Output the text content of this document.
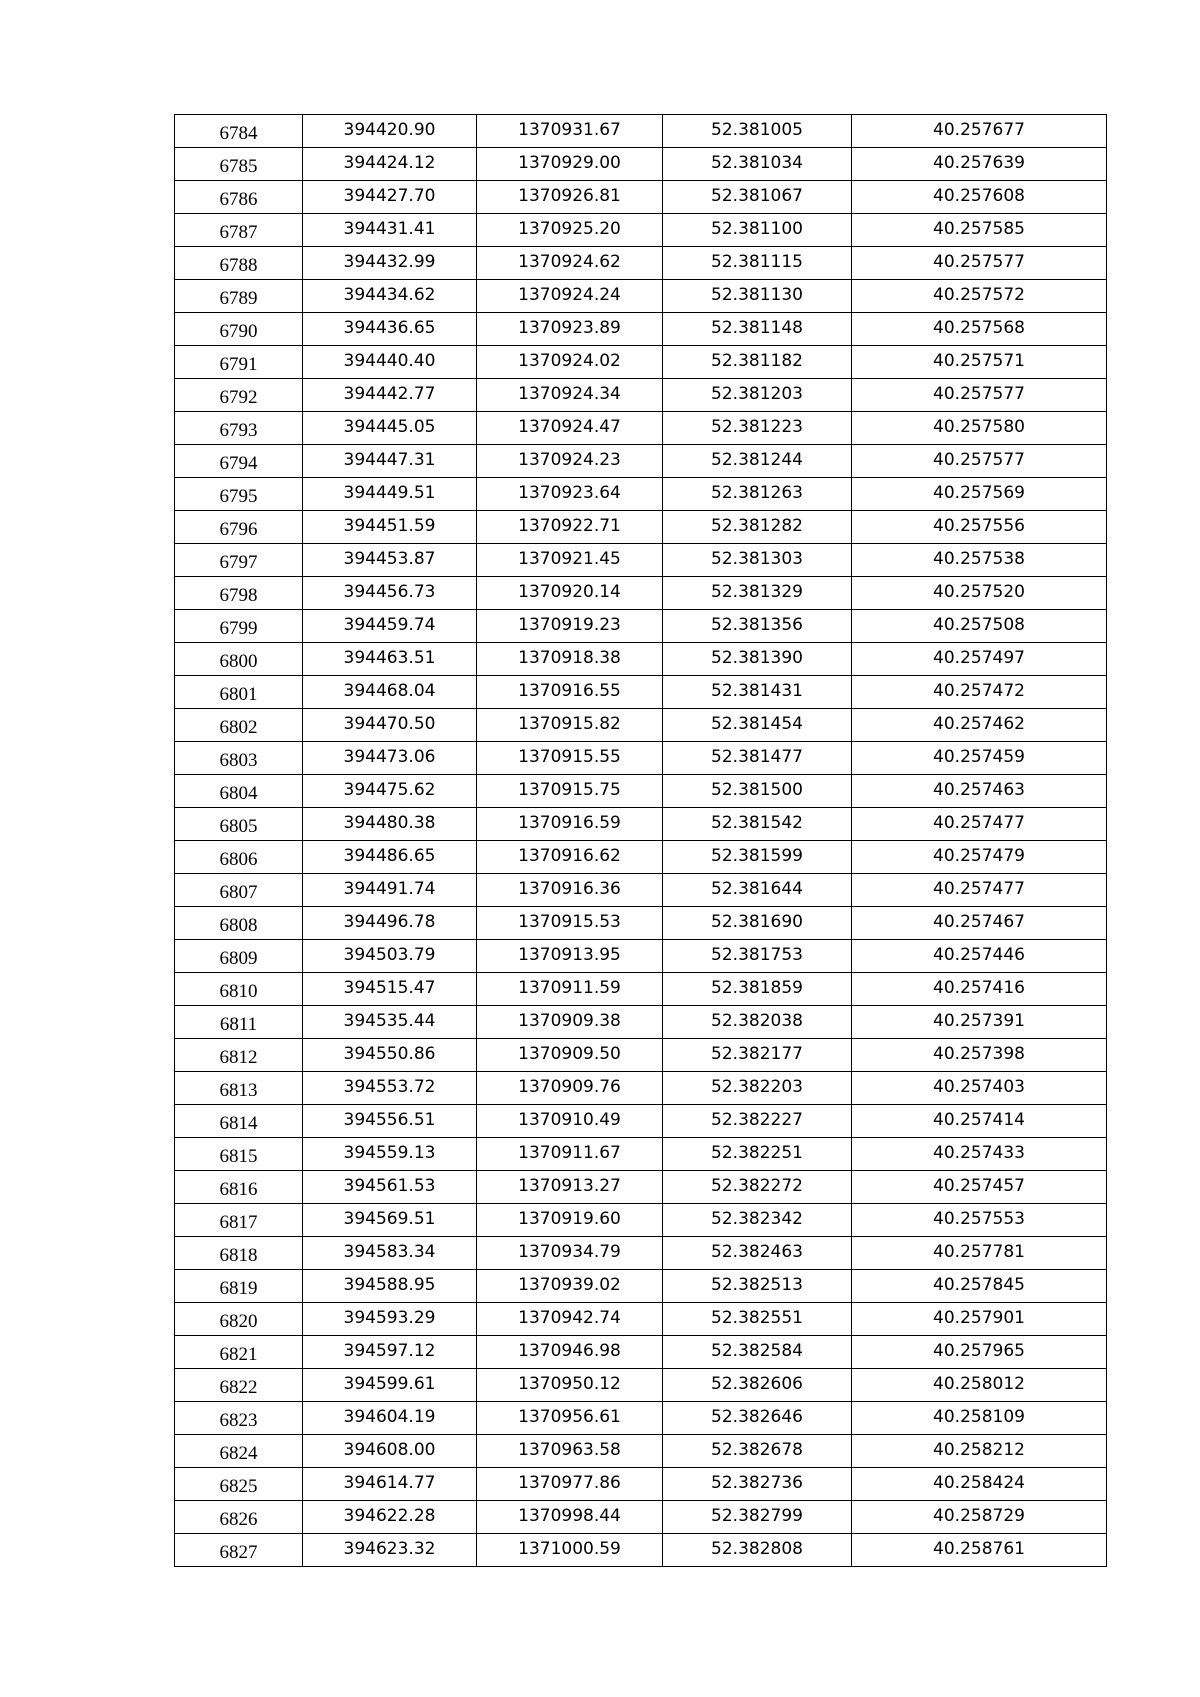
6784	394420.90	1370931.67	52.381005	40.257677
6785	394424.12	1370929.00	52.381034	40.257639
6786	394427.70	1370926.81	52.381067	40.257608
6787	394431.41	1370925.20	52.381100	40.257585
6788	394432.99	1370924.62	52.381115	40.257577
6789	394434.62	1370924.24	52.381130	40.257572
6790	394436.65	1370923.89	52.381148	40.257568
6791	394440.40	1370924.02	52.381182	40.257571
6792	394442.77	1370924.34	52.381203	40.257577
6793	394445.05	1370924.47	52.381223	40.257580
6794	394447.31	1370924.23	52.381244	40.257577
6795	394449.51	1370923.64	52.381263	40.257569
6796	394451.59	1370922.71	52.381282	40.257556
6797	394453.87	1370921.45	52.381303	40.257538
6798	394456.73	1370920.14	52.381329	40.257520
6799	394459.74	1370919.23	52.381356	40.257508
6800	394463.51	1370918.38	52.381390	40.257497
6801	394468.04	1370916.55	52.381431	40.257472
6802	394470.50	1370915.82	52.381454	40.257462
6803	394473.06	1370915.55	52.381477	40.257459
6804	394475.62	1370915.75	52.381500	40.257463
6805	394480.38	1370916.59	52.381542	40.257477
6806	394486.65	1370916.62	52.381599	40.257479
6807	394491.74	1370916.36	52.381644	40.257477
6808	394496.78	1370915.53	52.381690	40.257467
6809	394503.79	1370913.95	52.381753	40.257446
6810	394515.47	1370911.59	52.381859	40.257416
6811	394535.44	1370909.38	52.382038	40.257391
6812	394550.86	1370909.50	52.382177	40.257398
6813	394553.72	1370909.76	52.382203	40.257403
6814	394556.51	1370910.49	52.382227	40.257414
6815	394559.13	1370911.67	52.382251	40.257433
6816	394561.53	1370913.27	52.382272	40.257457
6817	394569.51	1370919.60	52.382342	40.257553
6818	394583.34	1370934.79	52.382463	40.257781
6819	394588.95	1370939.02	52.382513	40.257845
6820	394593.29	1370942.74	52.382551	40.257901
6821	394597.12	1370946.98	52.382584	40.257965
6822	394599.61	1370950.12	52.382606	40.258012
6823	394604.19	1370956.61	52.382646	40.258109
6824	394608.00	1370963.58	52.382678	40.258212
6825	394614.77	1370977.86	52.382736	40.258424
6826	394622.28	1370998.44	52.382799	40.258729
6827	394623.32	1371000.59	52.382808	40.258761
